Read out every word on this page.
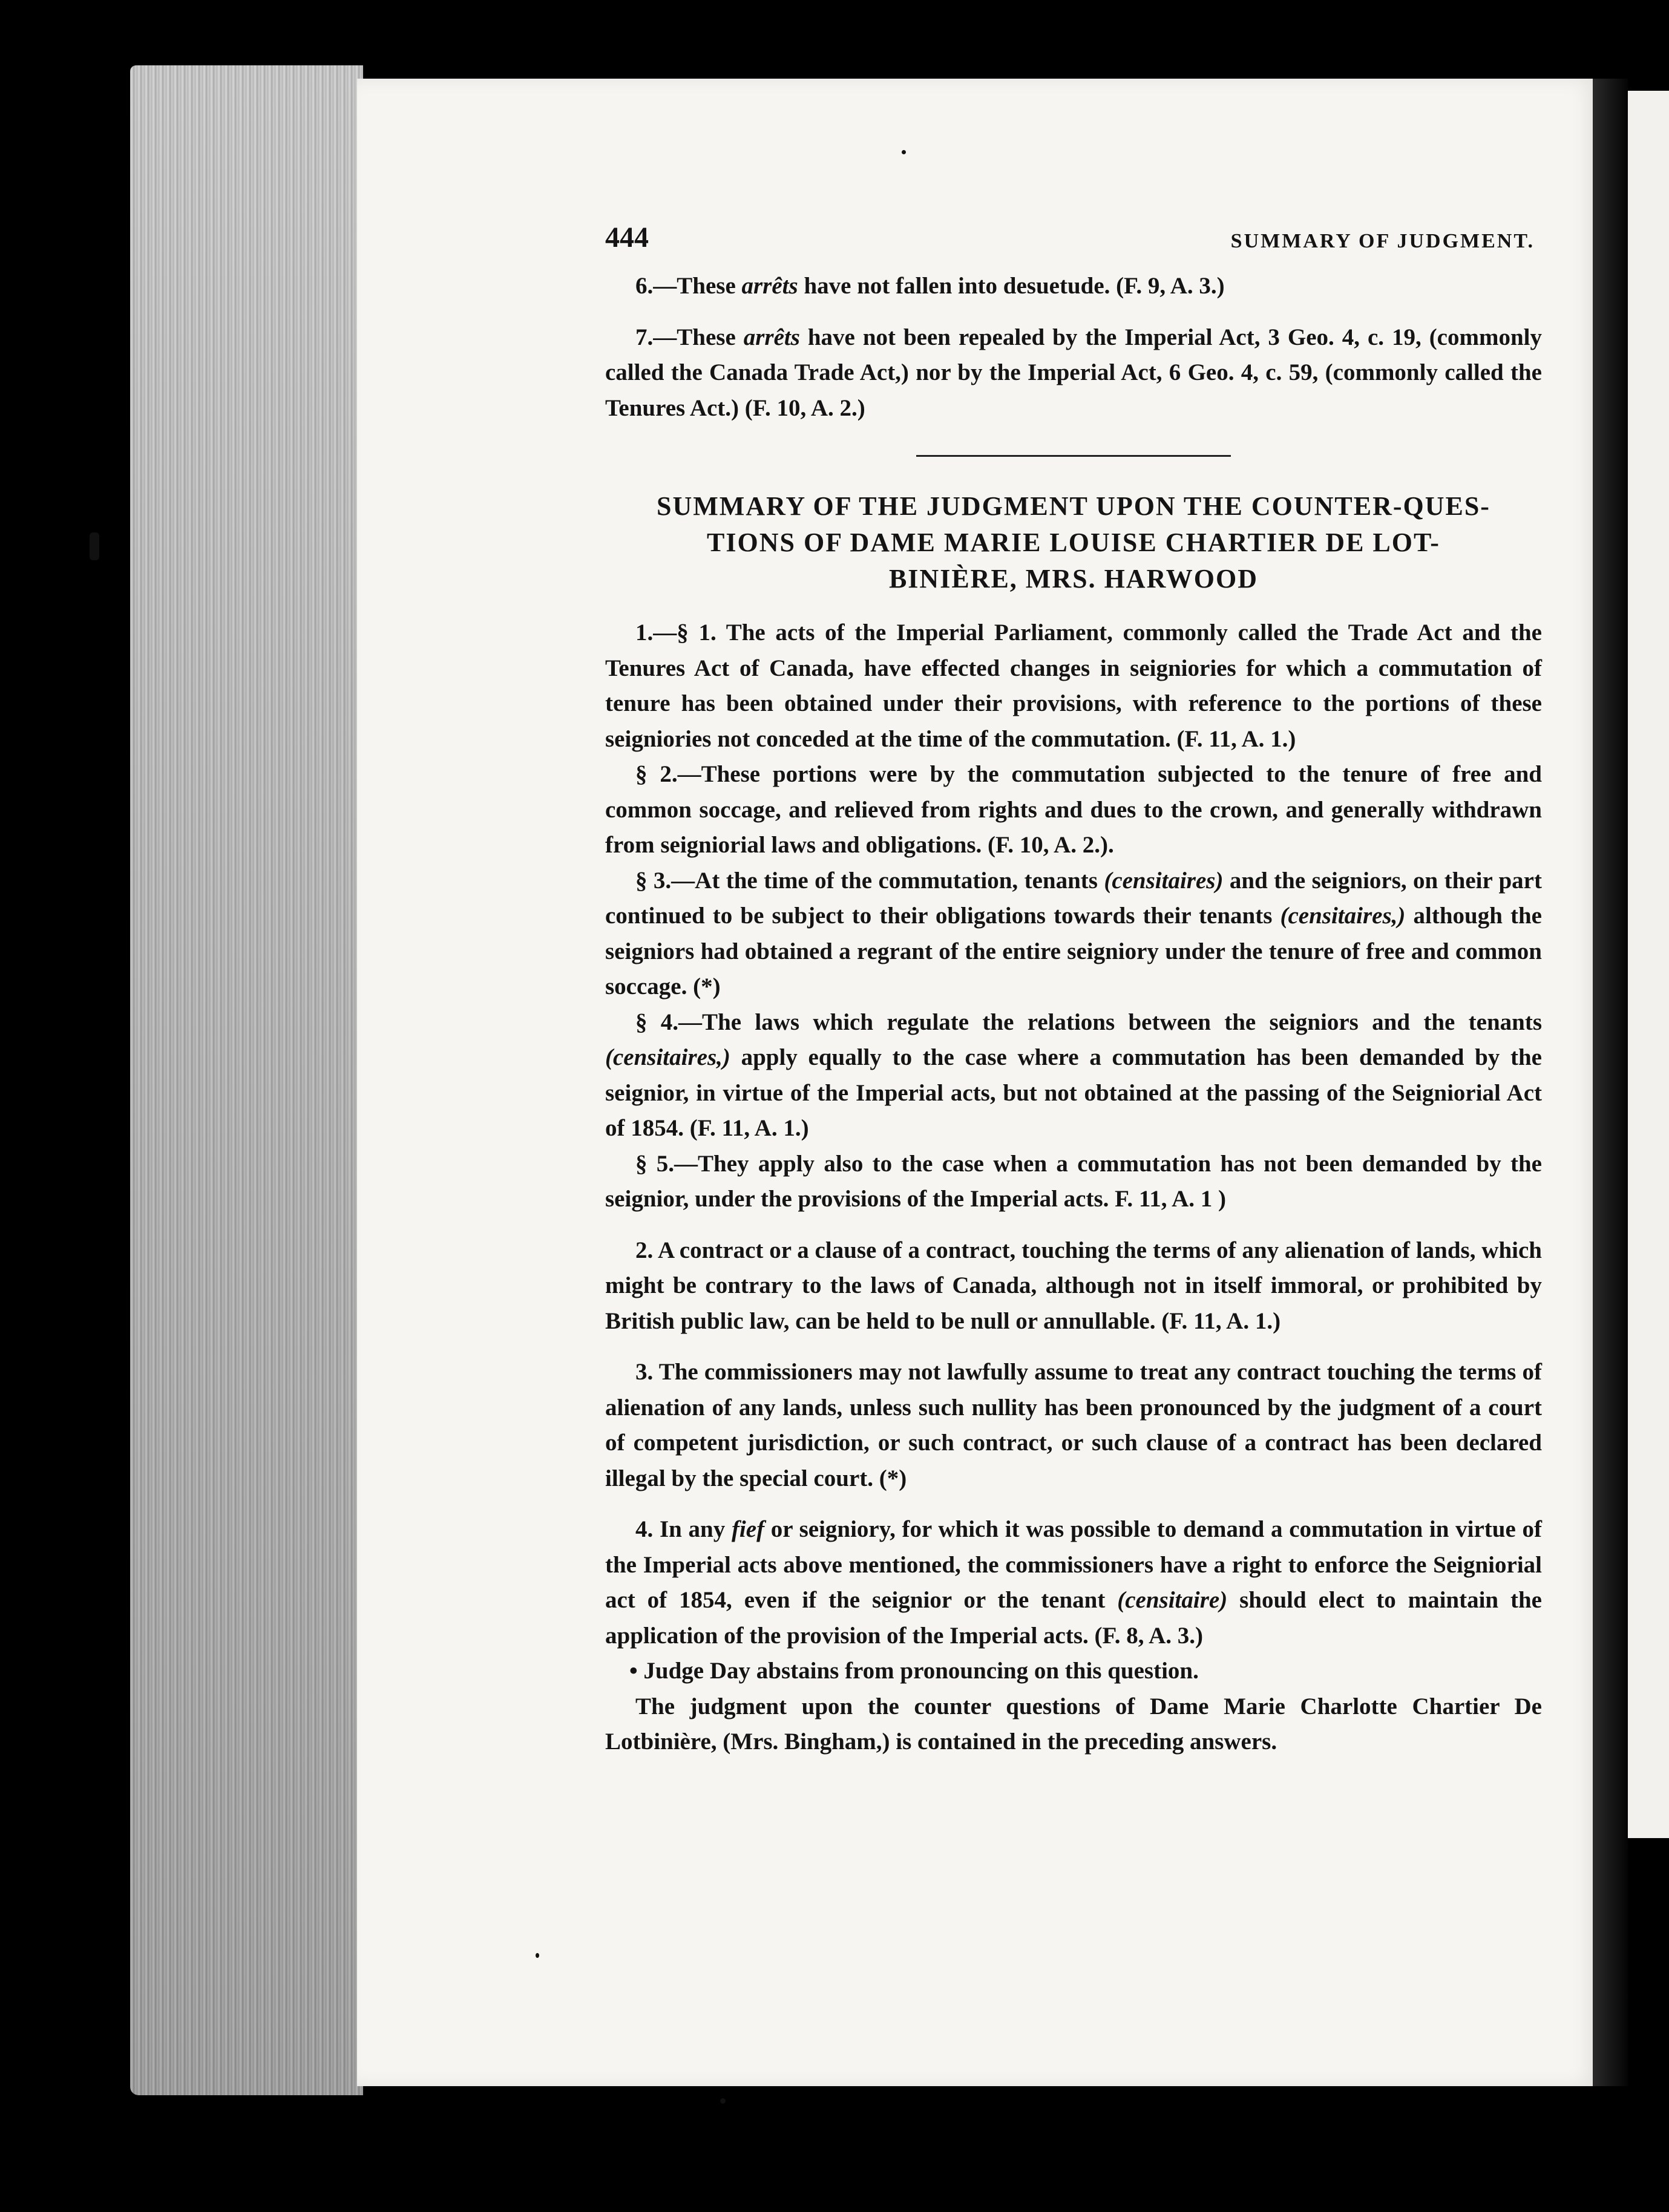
444	SUMMARY OF JUDGMENT.

6.—These arrêts have not fallen into desuetude. (F. 9, A. 3.)

7.—These arrêts have not been repealed by the Imperial Act, 3 Geo. 4, c. 19, (commonly called the Canada Trade Act,) nor by the Imperial Act, 6 Geo. 4, c. 59, (commonly called the Tenures Act.) (F. 10, A. 2.)

SUMMARY OF THE JUDGMENT UPON THE COUNTER-QUES-
TIONS OF DAME MARIE LOUISE CHARTIER DE LOT-
BINIÈRE, MRS. HARWOOD

1.—§ 1. The acts of the Imperial Parliament, commonly called the Trade Act and the Tenures Act of Canada, have effected changes in seigniories for which a commutation of tenure has been obtained under their provisions, with reference to the portions of these seigniories not conceded at the time of the commutation. (F. 11, A. 1.)

§ 2.—These portions were by the commutation subjected to the tenure of free and common soccage, and relieved from rights and dues to the crown, and generally withdrawn from seigniorial laws and obligations. (F. 10, A. 2.).

§ 3.—At the time of the commutation, tenants (censitaires) and the seigniors, on their part continued to be subject to their obligations towards their tenants (censitaires,) although the seigniors had obtained a regrant of the entire seigniory under the tenure of free and common soccage. (*)

§ 4.—The laws which regulate the relations between the seigniors and the tenants (censitaires,) apply equally to the case where a commutation has been demanded by the seignior, in virtue of the Imperial acts, but not obtained at the passing of the Seigniorial Act of 1854. (F. 11, A. 1.)

§ 5.—They apply also to the case when a commutation has not been demanded by the seignior, under the provisions of the Imperial acts. F. 11, A. 1 )

2. A contract or a clause of a contract, touching the terms of any alienation of lands, which might be contrary to the laws of Canada, although not in itself immoral, or prohibited by British public law, can be held to be null or annullable. (F. 11, A. 1.)

3. The commissioners may not lawfully assume to treat any contract touching the terms of alienation of any lands, unless such nullity has been pronounced by the judgment of a court of competent jurisdiction, or such contract, or such clause of a contract has been declared illegal by the special court. (*)

4. In any fief or seigniory, for which it was possible to demand a commutation in virtue of the Imperial acts above mentioned, the commissioners have a right to enforce the Seigniorial act of 1854, even if the seignior or the tenant (censitaire) should elect to maintain the application of the provision of the Imperial acts. (F. 8, A. 3.)

• Judge Day abstains from pronouncing on this question.

The judgment upon the counter questions of Dame Marie Charlotte Chartier De Lotbinière, (Mrs. Bingham,) is contained in the preceding answers.
